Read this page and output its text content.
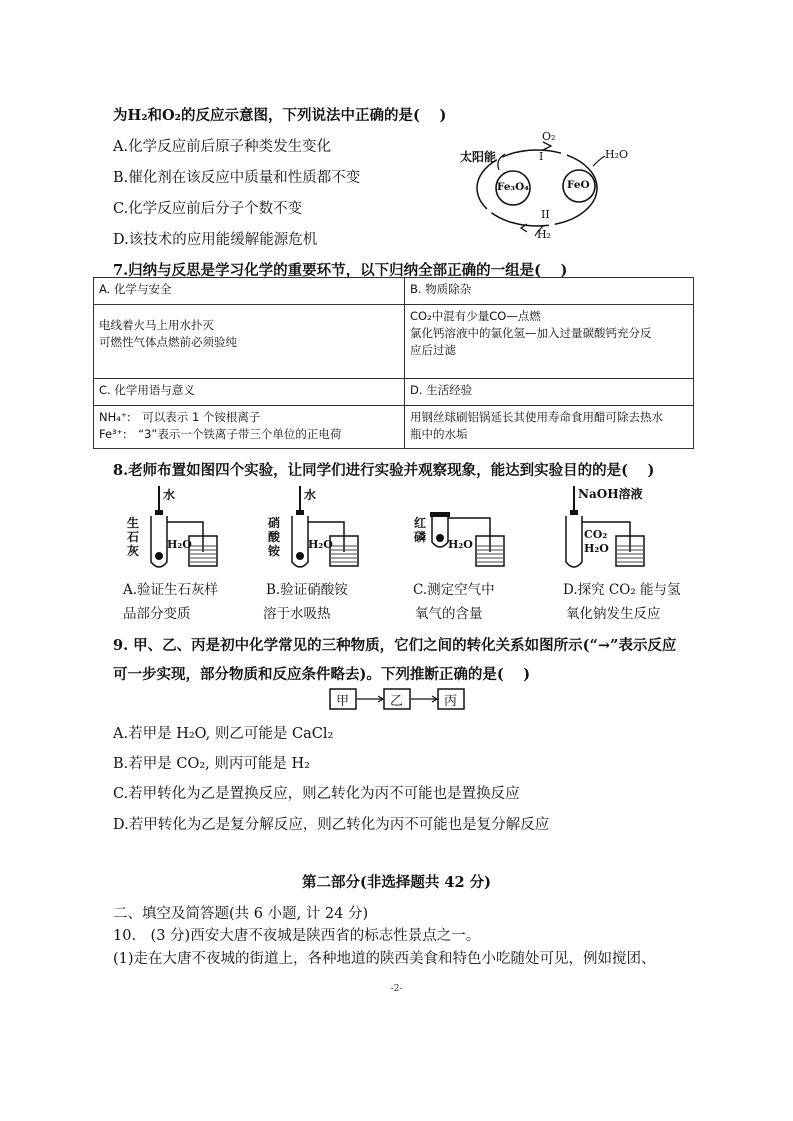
为H₂和O₂的反应示意图，下列说法中正确的是(　 )
A.化学反应前后原子种类发生变化
B.催化剂在该反应中质量和性质都不变
C.化学反应前后分子个数不变
D.该技术的应用能缓解能源危机
太阳能
O₂
I	H₂O
II
H₂
Fe₃O₄	FeO
7.归纳与反思是学习化学的重要环节，以下归纳全部正确的一组是(　 )
A. 化学与安全	B. 物质除杂

电线着火马上用水扑灭
可燃性气体点燃前必须验纯	CO₂中混有少量CO—点燃
氯化钙溶液中的氯化氢—加入过量碳酸钙充分反
应后过滤

C. 化学用语与意义	D. 生活经验

NH₄⁺:　可以表示 1 个铵根离子
Fe³⁺:　“3”表示一个铁离子带三个单位的正电荷	用钢丝球刷铝锅延长其使用寿命食用醋可除去热水
瓶中的水垢
8.老师布置如图四个实验，让同学们进行实验并观察现象，能达到实验目的的是(　 )
水
生石灰	H₂O
A.验证生石灰样
品部分变质
水
硝酸铵	H₂O
B.验证硝酸铵
溶于水吸热
红磷
H₂O
C.测定空气中
氧气的含量
NaOH溶液
CO₂
H₂O
D.探究 CO₂ 能与氢
氧化钠发生反应
9. 甲、乙、丙是初中化学常见的三种物质，它们之间的转化关系如图所示(“→”表示反应
可一步实现，部分物质和反应条件略去)。下列推断正确的是(　 )
甲	乙	丙
A.若甲是 H₂O, 则乙可能是 CaCl₂
B.若甲是 CO₂, 则丙可能是 H₂
C.若甲转化为乙是置换反应，则乙转化为丙不可能也是置换反应
D.若甲转化为乙是复分解反应，则乙转化为丙不可能也是复分解反应
第二部分(非选择题共 42 分)
二、填空及简答题(共 6 小题, 计 24 分)
10.　(3 分)西安大唐不夜城是陕西省的标志性景点之一。
(1)走在大唐不夜城的街道上，各种地道的陕西美食和特色小吃随处可见，例如搅团、
-2-
